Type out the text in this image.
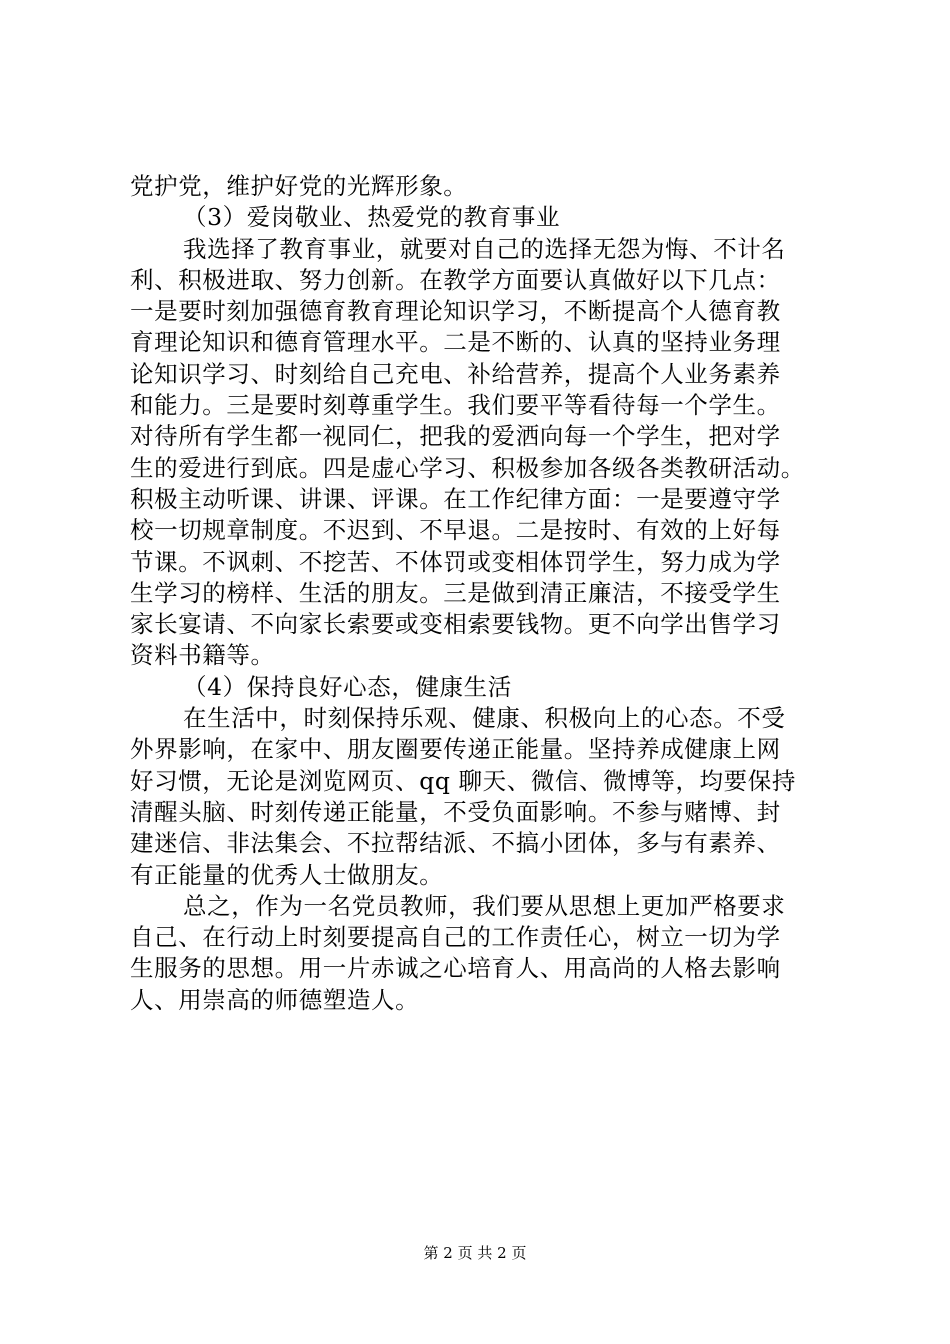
党护党，维护好党的光辉形象。
（3）爱岗敬业、热爱党的教育事业
我选择了教育事业，就要对自己的选择无怨为悔、不计名
利、积极进取、努力创新。在教学方面要认真做好以下几点：
一是要时刻加强德育教育理论知识学习，不断提高个人德育教
育理论知识和德育管理水平。二是不断的、认真的坚持业务理
论知识学习、时刻给自己充电、补给营养，提高个人业务素养
和能力。三是要时刻尊重学生。我们要平等看待每一个学生。
对待所有学生都一视同仁，把我的爱洒向每一个学生，把对学
生的爱进行到底。四是虚心学习、积极参加各级各类教研活动。
积极主动听课、讲课、评课。在工作纪律方面：一是要遵守学
校一切规章制度。不迟到、不早退。二是按时、有效的上好每
节课。不讽刺、不挖苦、不体罚或变相体罚学生，努力成为学
生学习的榜样、生活的朋友。三是做到清正廉洁，不接受学生
家长宴请、不向家长索要或变相索要钱物。更不向学出售学习
资料书籍等。
（4）保持良好心态，健康生活
在生活中，时刻保持乐观、健康、积极向上的心态。不受
外界影响，在家中、朋友圈要传递正能量。坚持养成健康上网
好习惯，无论是浏览网页、qq 聊天、微信、微博等，均要保持
清醒头脑、时刻传递正能量，不受负面影响。不参与赌博、封
建迷信、非法集会、不拉帮结派、不搞小团体，多与有素养、
有正能量的优秀人士做朋友。
总之，作为一名党员教师，我们要从思想上更加严格要求
自己、在行动上时刻要提高自己的工作责任心，树立一切为学
生服务的思想。用一片赤诚之心培育人、用高尚的人格去影响
人、用崇高的师德塑造人。
第 2 页 共 2 页
